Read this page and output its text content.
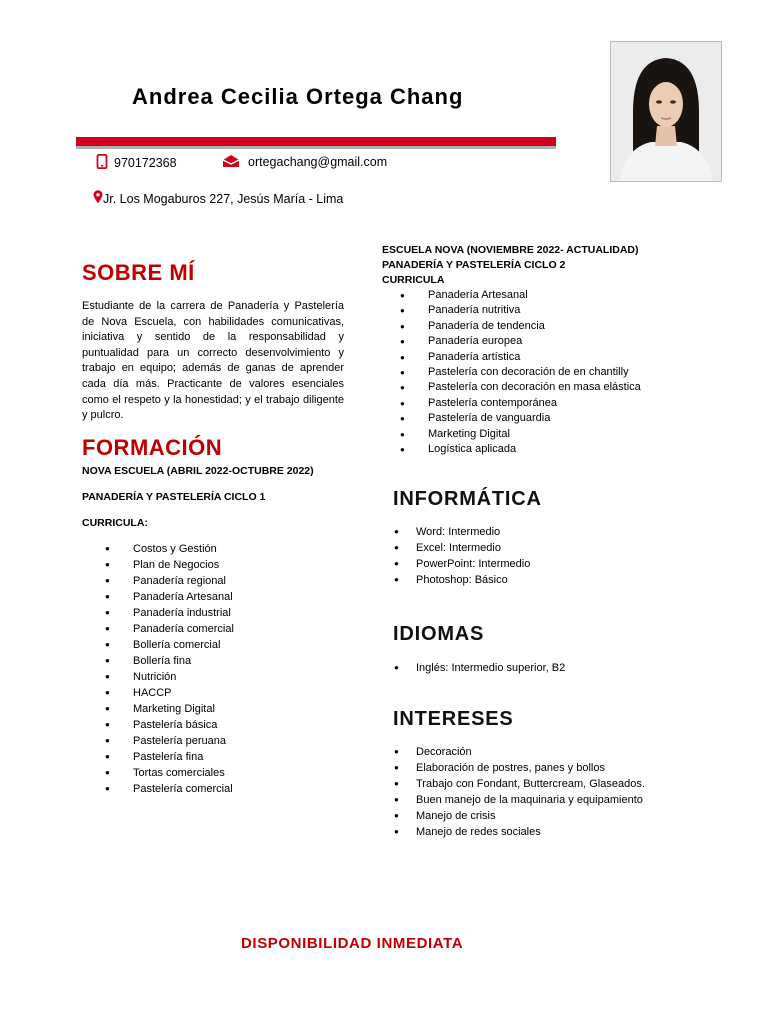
Andrea Cecilia Ortega Chang
970172368	ortegachang@gmail.com
Jr. Los Mogaburos 227, Jesús María - Lima
SOBRE MÍ
Estudiante de la carrera de Panadería y Pastelería de Nova Escuela, con habilidades comunicativas, iniciativa y sentido de la responsabilidad y puntualidad para un correcto desenvolvimiento y trabajo en equipo; además de ganas de aprender cada día más. Practicante de valores esenciales como el respeto y la honestidad; y el trabajo diligente y pulcro.
FORMACIÓN
NOVA ESCUELA (ABRIL 2022-OCTUBRE 2022)
PANADERÍA Y PASTELERÍA CICLO 1
CURRICULA:
● Costos y Gestión
● Plan de Negocios
● Panadería regional
● Panadería Artesanal
● Panadería industrial
● Panadería comercial
● Bollería comercial
● Bollería fina
● Nutrición
● HACCP
● Marketing Digital
● Pastelería básica
● Pastelería peruana
● Pastelería fina
● Tortas comerciales
● Pastelería comercial
ESCUELA NOVA (NOVIEMBRE 2022- ACTUALIDAD)
PANADERÍA Y PASTELERÍA CICLO 2
CURRICULA
● Panadería Artesanal
● Panadería nutritiva
● Panadería de tendencia
● Panadería europea
● Panadería artística
● Pastelería con decoración de en chantilly
● Pastelería con decoración en masa elástica
● Pastelería contemporánea
● Pastelería de vanguardia
● Marketing Digital
● Logística aplicada
INFORMÁTICA
● Word: Intermedio
● Excel: Intermedio
● PowerPoint: Intermedio
● Photoshop: Básico
IDIOMAS
● Inglés: Intermedio superior, B2
INTERESES
● Decoración
● Elaboración de postres, panes y bollos
● Trabajo con Fondant, Buttercream, Glaseados.
● Buen manejo de la maquinaria y equipamiento
● Manejo de crisis
● Manejo de redes sociales
DISPONIBILIDAD INMEDIATA
